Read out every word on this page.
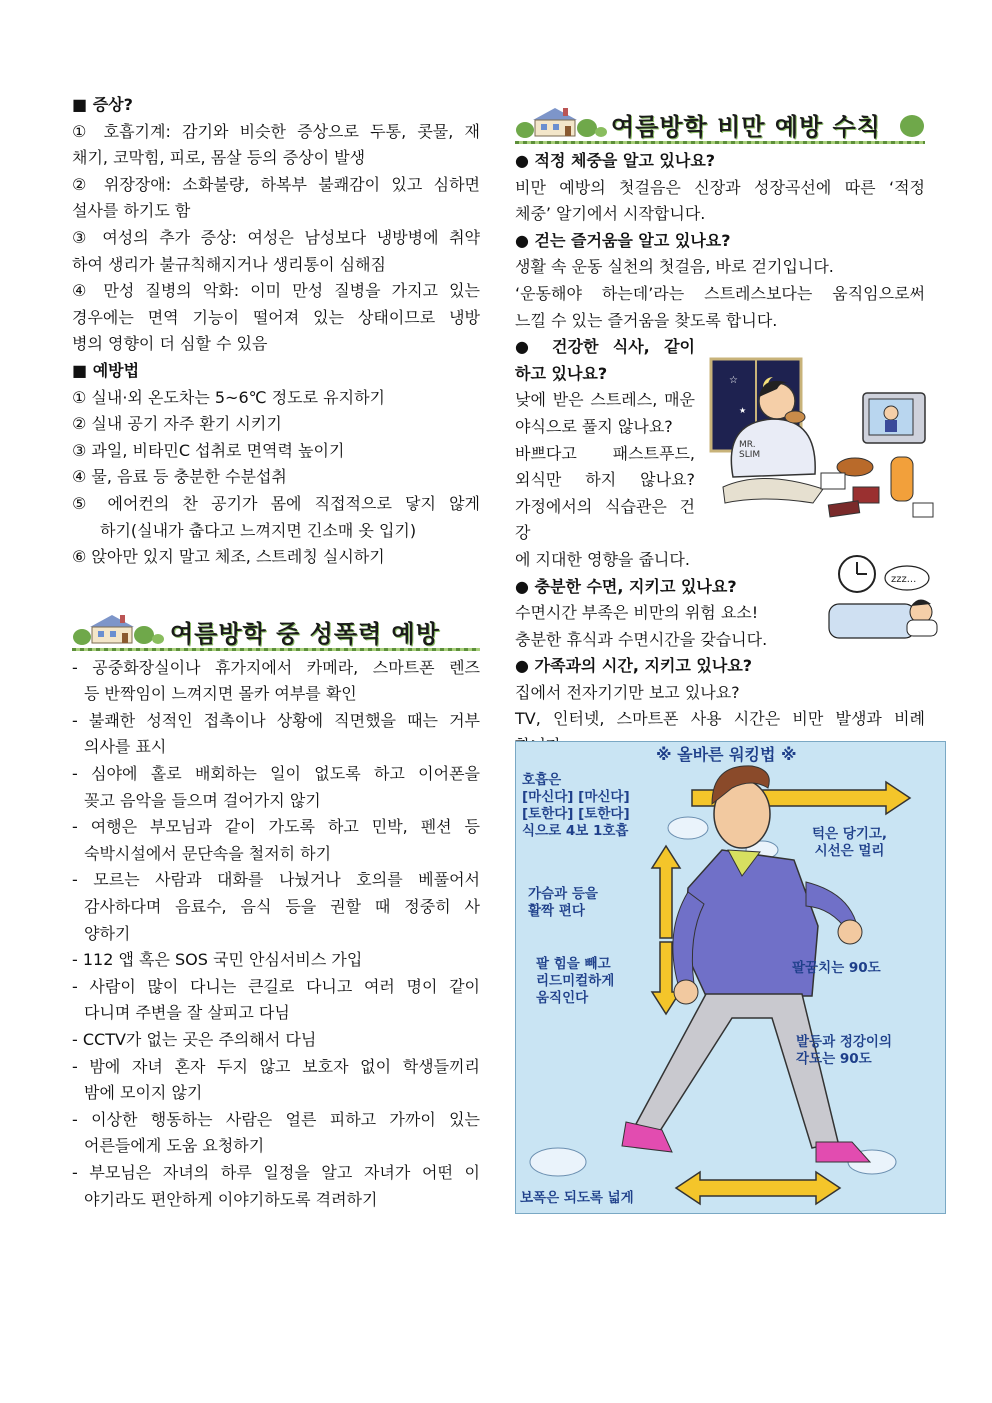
■ 증상?
① 호흡기계: 감기와 비슷한 증상으로 두통, 콧물, 재
채기, 코막힘, 피로, 몸살 등의 증상이 발생
② 위장장애: 소화불량, 하복부 불쾌감이 있고 심하면
설사를 하기도 함
③ 여성의 추가 증상: 여성은 남성보다 냉방병에 취약
하여 생리가 불규칙해지거나 생리통이 심해짐
④ 만성 질병의 악화: 이미 만성 질병을 가지고 있는
경우에는 면역 기능이 떨어져 있는 상태이므로 냉방
병의 영향이 더 심할 수 있음
■ 예방법
① 실내·외 온도차는 5~6℃ 정도로 유지하기
② 실내 공기 자주 환기 시키기
③ 과일, 비타민C 섭취로 면역력 높이기
④ 물, 음료 등 충분한 수분섭취
⑤ 에어컨의 찬 공기가 몸에 직접적으로 닿지 않게
하기(실내가 춥다고 느껴지면 긴소매 옷 입기)
⑥ 앉아만 있지 말고 체조, 스트레칭 실시하기
여름방학 중 성폭력 예방
- 공중화장실이나 휴가지에서 카메라, 스마트폰 렌즈
등 반짝임이 느껴지면 몰카 여부를 확인
- 불쾌한 성적인 접촉이나 상황에 직면했을 때는 거부
의사를 표시
- 심야에 홀로 배회하는 일이 없도록 하고 이어폰을
꽂고 음악을 들으며 걸어가지 않기
- 여행은 부모님과 같이 가도록 하고 민박, 펜션 등
숙박시설에서 문단속을 철저히 하기
- 모르는 사람과 대화를 나눴거나 호의를 베풀어서
감사하다며 음료수, 음식 등을 권할 때 정중히 사
양하기
- 112 앱 혹은 SOS 국민 안심서비스 가입
- 사람이 많이 다니는 큰길로 다니고 여러 명이 같이
다니며 주변을 잘 살피고 다님
- CCTV가 없는 곳은 주의해서 다님
- 밤에 자녀 혼자 두지 않고 보호자 없이 학생들끼리
밤에 모이지 않기
- 이상한 행동하는 사람은 얼른 피하고 가까이 있는
어른들에게 도움 요청하기
- 부모님은 자녀의 하루 일정을 알고 자녀가 어떤 이
야기라도 편안하게 이야기하도록 격려하기
여름방학 비만 예방 수칙
● 적정 체중을 알고 있나요?
비만 예방의 첫걸음은 신장과 성장곡선에 따른 ‘적정
체중’ 알기에서 시작합니다.
● 걷는 즐거움을 알고 있나요?
생활 속 운동 실천의 첫걸음, 바로 걷기입니다.
‘운동해야 하는데’라는 스트레스보다는 움직임으로써
느낄 수 있는 즐거움을 찾도록 합니다.
● 건강한 식사, 같이
하고 있나요?
낮에 받은 스트레스, 매운
야식으로 풀지 않나요?
바쁘다고 패스트푸드,
외식만 하지 않나요?
가정에서의 식습관은 건강
에 지대한 영향을 줍니다.
● 충분한 수면, 지키고 있나요?
수면시간 부족은 비만의 위험 요소!
충분한 휴식과 수면시간을 갖습니다.
● 가족과의 시간, 지키고 있나요?
집에서 전자기기만 보고 있나요?
TV, 인터넷, 스마트폰 사용 시간은 비만 발생과 비례
☆
★
MR.
SLIM
zzz...
※ 올바른 워킹법 ※
호흡은
[마신다] [마신다]
[토한다] [토한다]
식으로 4보 1호흡	턱은 당기고,
시선은 멀리
가슴과 등을
활짝 편다
팔 힘을 빼고
리드미컬하게
움직인다
팔꿈치는 90도
발등과 정강이의
각도는 90도
보폭은 되도록 넓게
